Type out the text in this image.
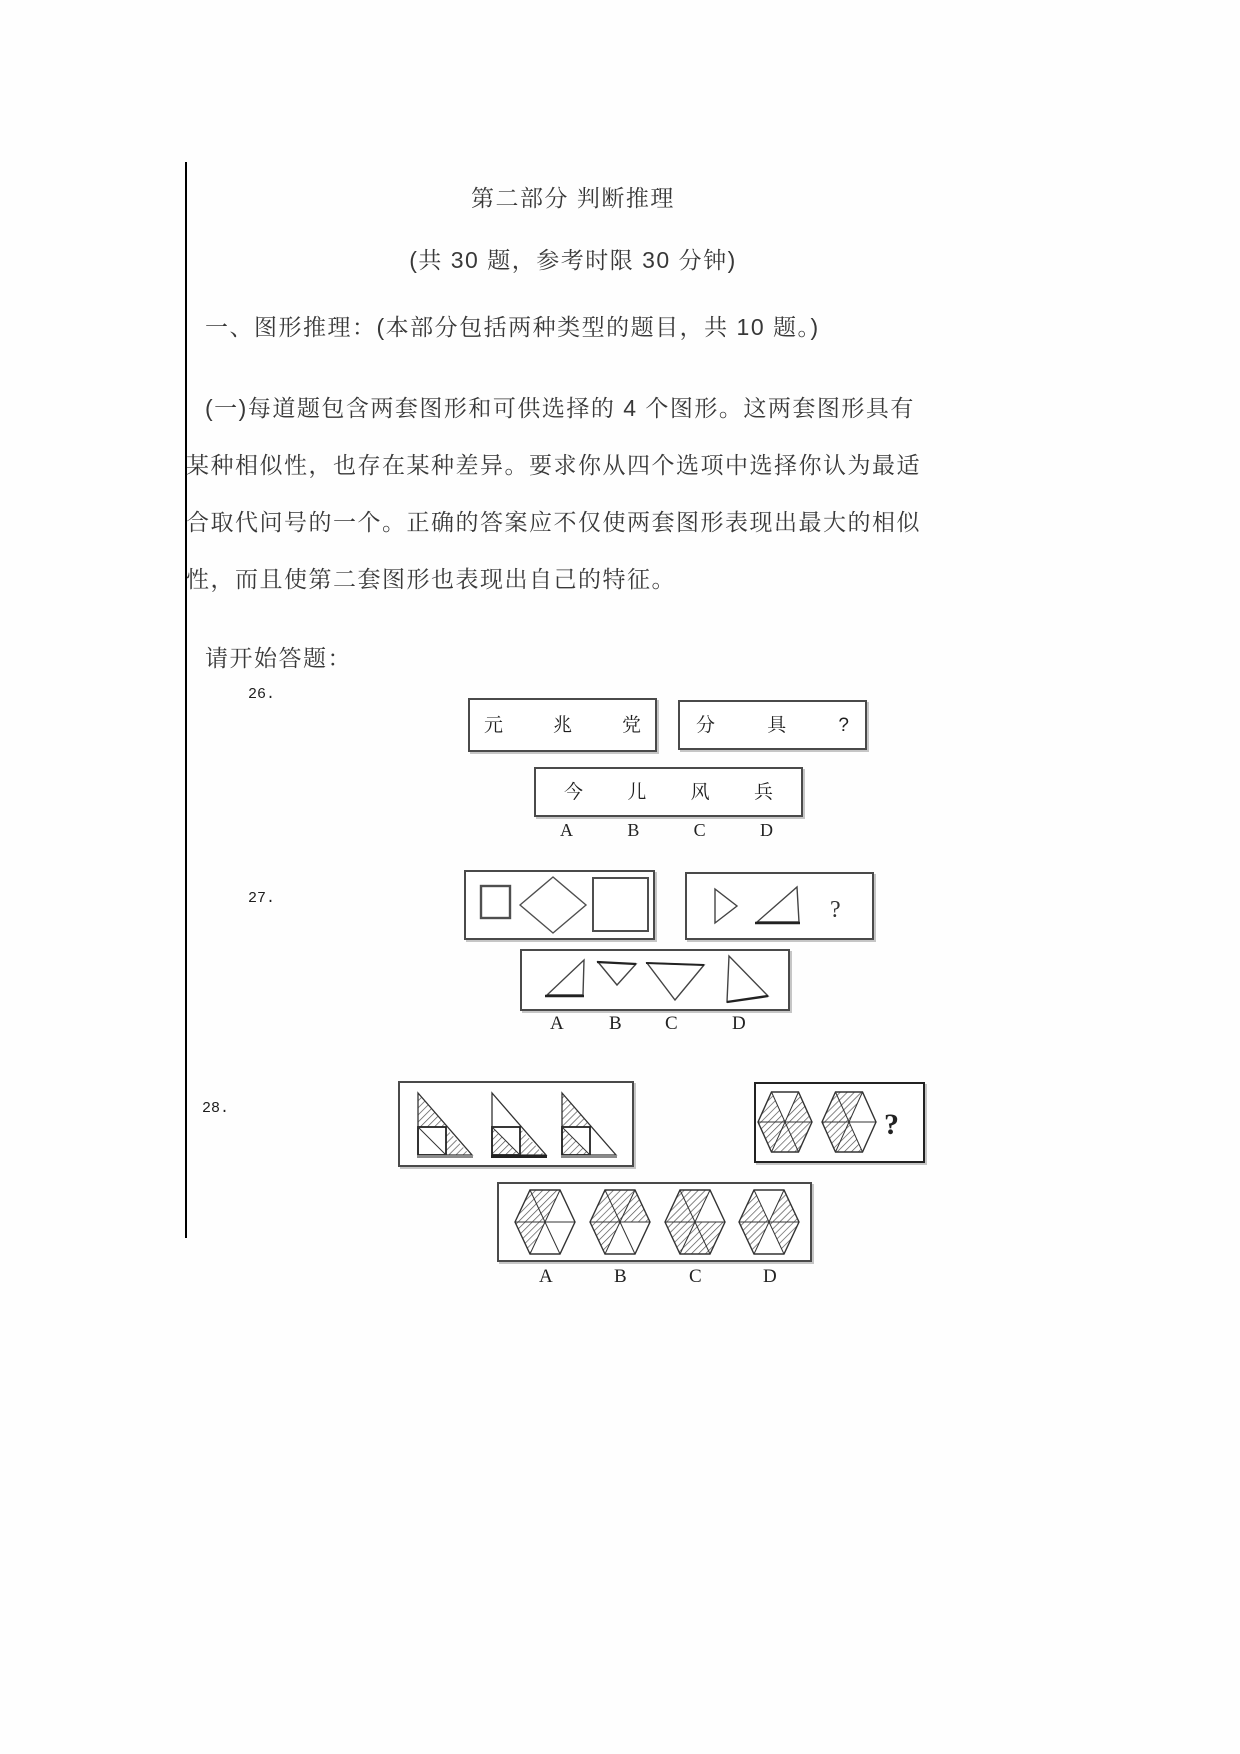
第二部分 判断推理
(共 30 题，参考时限 30 分钟)
一、图形推理：(本部分包括两种类型的题目，共 10 题。)
(一)每道题包含两套图形和可供选择的 4 个图形。这两套图形具有
某种相似性，也存在某种差异。要求你从四个选项中选择你认为最适
合取代问号的一个。正确的答案应不仅使两套图形表现出最大的相似
性，而且使第二套图形也表现出自己的特征。
请开始答题：
26.
元	兆	党	分	具	?
今 儿 风 兵
A	B	C	D
27.	?
A B C	D
28.	?
A	B	C	D
